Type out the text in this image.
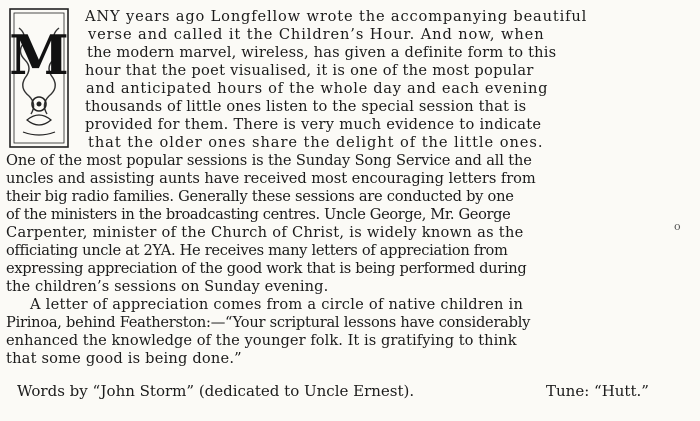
M
ANY years ago Longfellow wrote the accompanying beautiful
verse and called it the Children’s Hour. And now, when
the modern marvel, wireless, has given a definite form to this
hour that the poet visualised, it is one of the most popular
and anticipated hours of the whole day and each evening
thousands of little ones listen to the special session that is
provided for them. There is very much evidence to indicate
that the older ones share the delight of the little ones.
One of the most popular sessions is the Sunday Song Service and all the
uncles and assisting aunts have received most encouraging letters from
their big radio families. Generally these sessions are conducted by one
of the ministers in the broadcasting centres. Uncle George, Mr. George
Carpenter, minister of the Church of Christ, is widely known as the
officiating uncle at 2YA. He receives many letters of appreciation from
expressing appreciation of the good work that is being performed during
the children’s sessions on Sunday evening.
A letter of appreciation comes from a circle of native children in
Pirinoa, behind Featherston:—“Your scriptural lessons have considerably
enhanced the knowledge of the younger folk. It is gratifying to think
that some good is being done.”
o
Words by “John Storm” (dedicated to Uncle Ernest).	Tune: “Hutt.”
